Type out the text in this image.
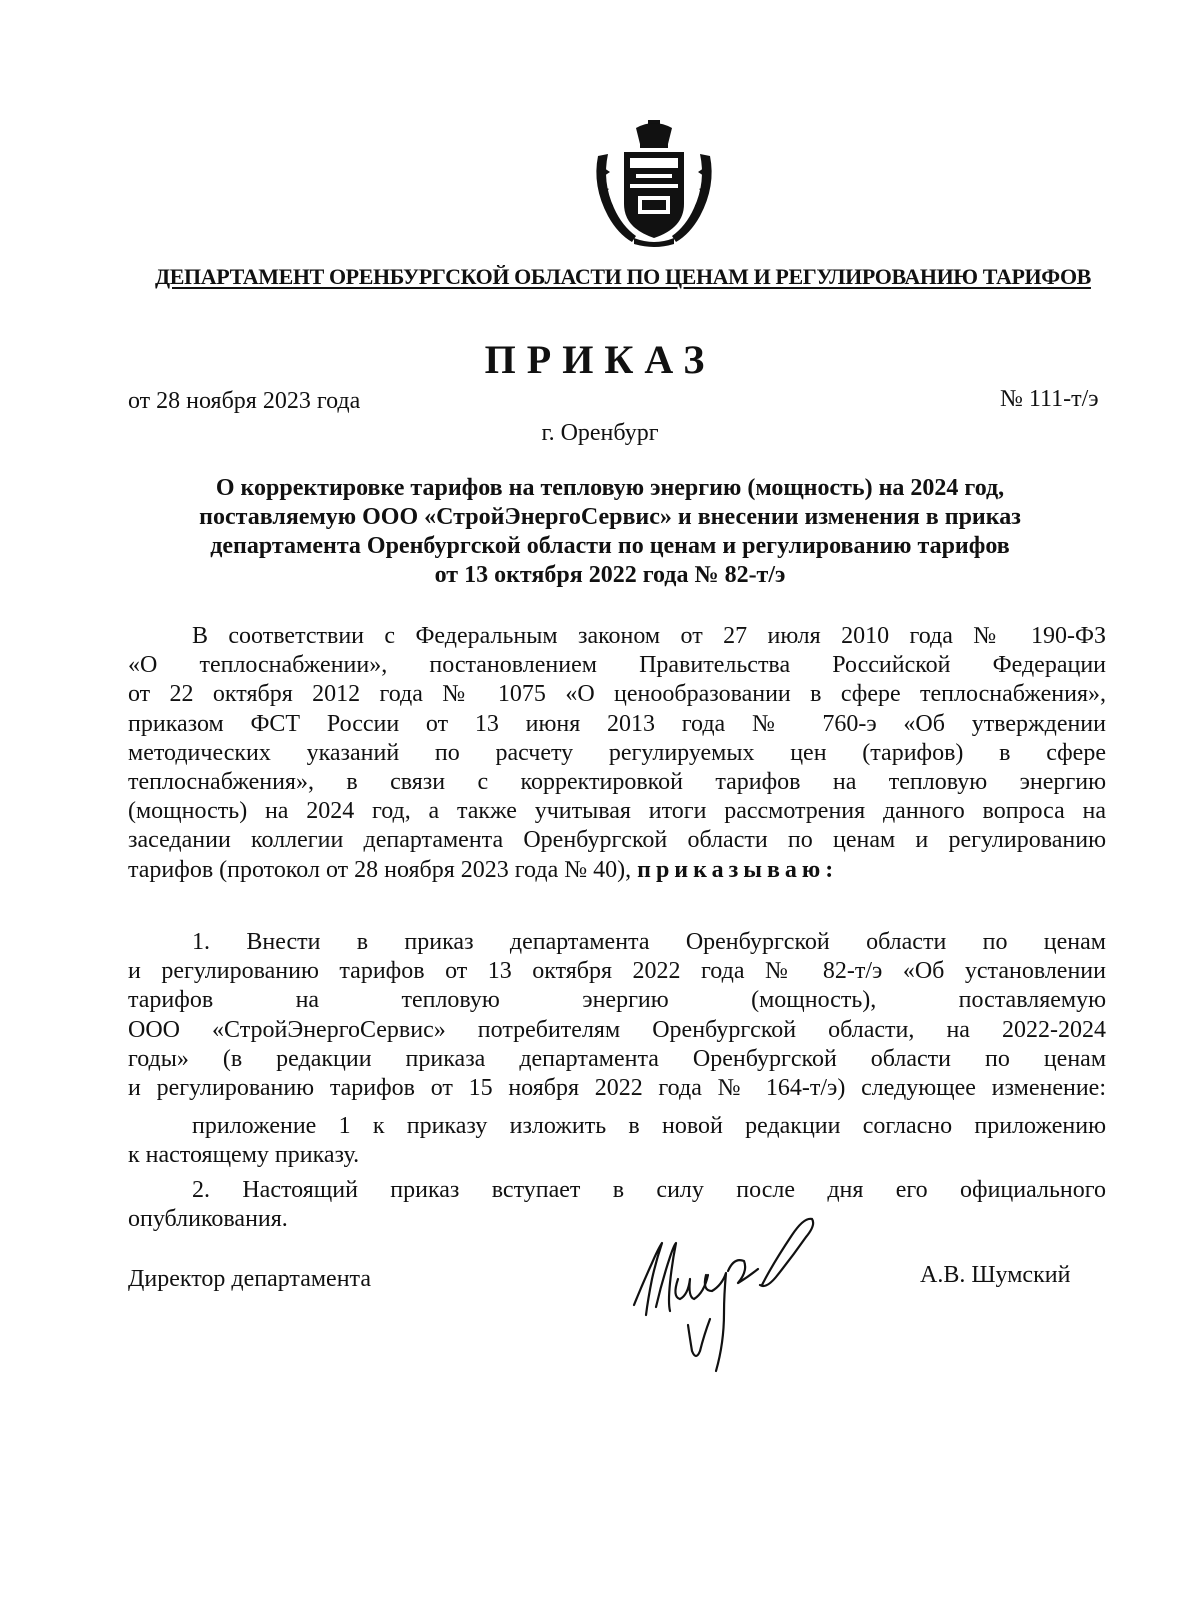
ДЕПАРТАМЕНТ ОРЕНБУРГСКОЙ ОБЛАСТИ ПО ЦЕНАМ И РЕГУЛИРОВАНИЮ ТАРИФОВ
ПРИКАЗ
от 28 ноября 2023 года	№ 111-т/э
г. Оренбург
О корректировке тарифов на тепловую энергию (мощность) на 2024 год,
поставляемую ООО «СтройЭнергоСервис» и внесении изменения в приказ
департамента Оренбургской области по ценам и регулированию тарифов
от 13 октября 2022 года № 82-т/э
В соответствии с Федеральным законом от 27 июля 2010 года № 190-ФЗ
«О теплоснабжении», постановлением Правительства Российской Федерации
от 22 октября 2012 года № 1075 «О ценообразовании в сфере теплоснабжения»,
приказом ФСТ России от 13 июня 2013 года № 760-э «Об утверждении
методических указаний по расчету регулируемых цен (тарифов) в сфере
теплоснабжения», в связи с корректировкой тарифов на тепловую энергию
(мощность) на 2024 год, а также учитывая итоги рассмотрения данного вопроса на
заседании коллегии департамента Оренбургской области по ценам и регулированию
тарифов (протокол от 28 ноября 2023 года № 40), приказываю:
1. Внести в приказ департамента Оренбургской области по ценам
и регулированию тарифов от 13 октября 2022 года № 82-т/э «Об установлении
тарифов на тепловую энергию (мощность), поставляемую
ООО «СтройЭнергоСервис» потребителям Оренбургской области, на 2022-2024
годы» (в редакции приказа департамента Оренбургской области по ценам
и регулированию тарифов от 15 ноября 2022 года № 164-т/э) следующее изменение:
приложение 1 к приказу изложить в новой редакции согласно приложению
к настоящему приказу.
2. Настоящий приказ вступает в силу после дня его официального
опубликования.
Директор департамента	А.В. Шумский
